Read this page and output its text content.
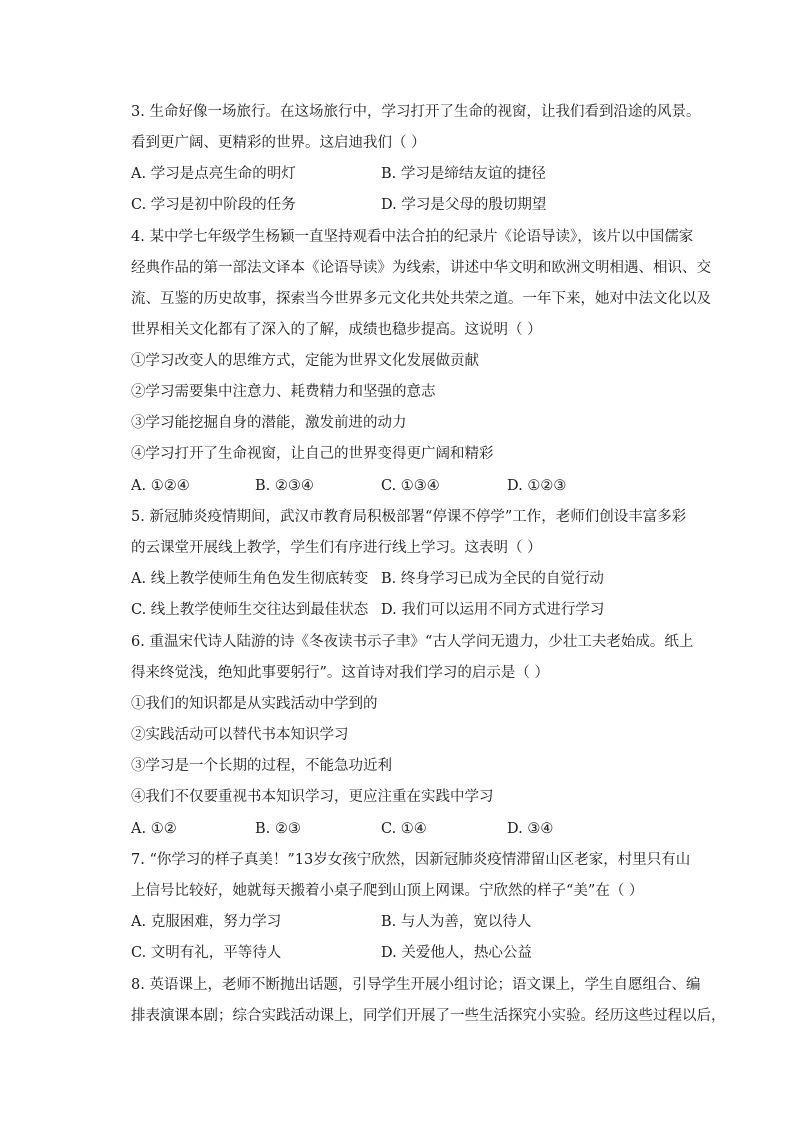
3. 生命好像一场旅行。在这场旅行中，学习打开了生命的视窗，让我们看到沿途的风景。
看到更广阔、更精彩的世界。这启迪我们（ ）
A. 学习是点亮生命的明灯	B. 学习是缔结友谊的捷径
C. 学习是初中阶段的任务	D. 学习是父母的殷切期望
4. 某中学七年级学生杨颖一直坚持观看中法合拍的纪录片《论语导读》，该片以中国儒家
经典作品的第一部法文译本《论语导读》为线索，讲述中华文明和欧洲文明相遇、相识、交
流、互鉴的历史故事，探索当今世界多元文化共处共荣之道。一年下来，她对中法文化以及
世界相关文化都有了深入的了解，成绩也稳步提高。这说明（ ）
①学习改变人的思维方式，定能为世界文化发展做贡献
②学习需要集中注意力、耗费精力和坚强的意志
③学习能挖掘自身的潜能，激发前进的动力
④学习打开了生命视窗，让自己的世界变得更广阔和精彩
A. ①②④	B. ②③④	C. ①③④	D. ①②③
5. 新冠肺炎疫情期间，武汉市教育局积极部署“停课不停学”工作，老师们创设丰富多彩
的云课堂开展线上教学，学生们有序进行线上学习。这表明（ ）
A. 线上教学使师生角色发生彻底转变 B. 终身学习已成为全民的自觉行动
C. 线上教学使师生交往达到最佳状态 D. 我们可以运用不同方式进行学习
6. 重温宋代诗人陆游的诗《冬夜读书示子聿》“古人学问无遗力，少壮工夫老始成。纸上
得来终觉浅，绝知此事要躬行”。这首诗对我们学习的启示是（ ）
①我们的知识都是从实践活动中学到的
②实践活动可以替代书本知识学习
③学习是一个长期的过程，不能急功近利
④我们不仅要重视书本知识学习，更应注重在实践中学习
A. ①②	B. ②③	C. ①④	D. ③④
7. “你学习的样子真美！”13岁女孩宁欣然，因新冠肺炎疫情滞留山区老家，村里只有山
上信号比较好，她就每天搬着小桌子爬到山顶上网课。宁欣然的样子“美”在（ ）
A. 克服困难，努力学习	B. 与人为善，宽以待人
C. 文明有礼，平等待人	D. 关爱他人，热心公益
8. 英语课上，老师不断抛出话题，引导学生开展小组讨论；语文课上，学生自愿组合、编
排表演课本剧；综合实践活动课上，同学们开展了一些生活探究小实验。经历这些过程以后，
